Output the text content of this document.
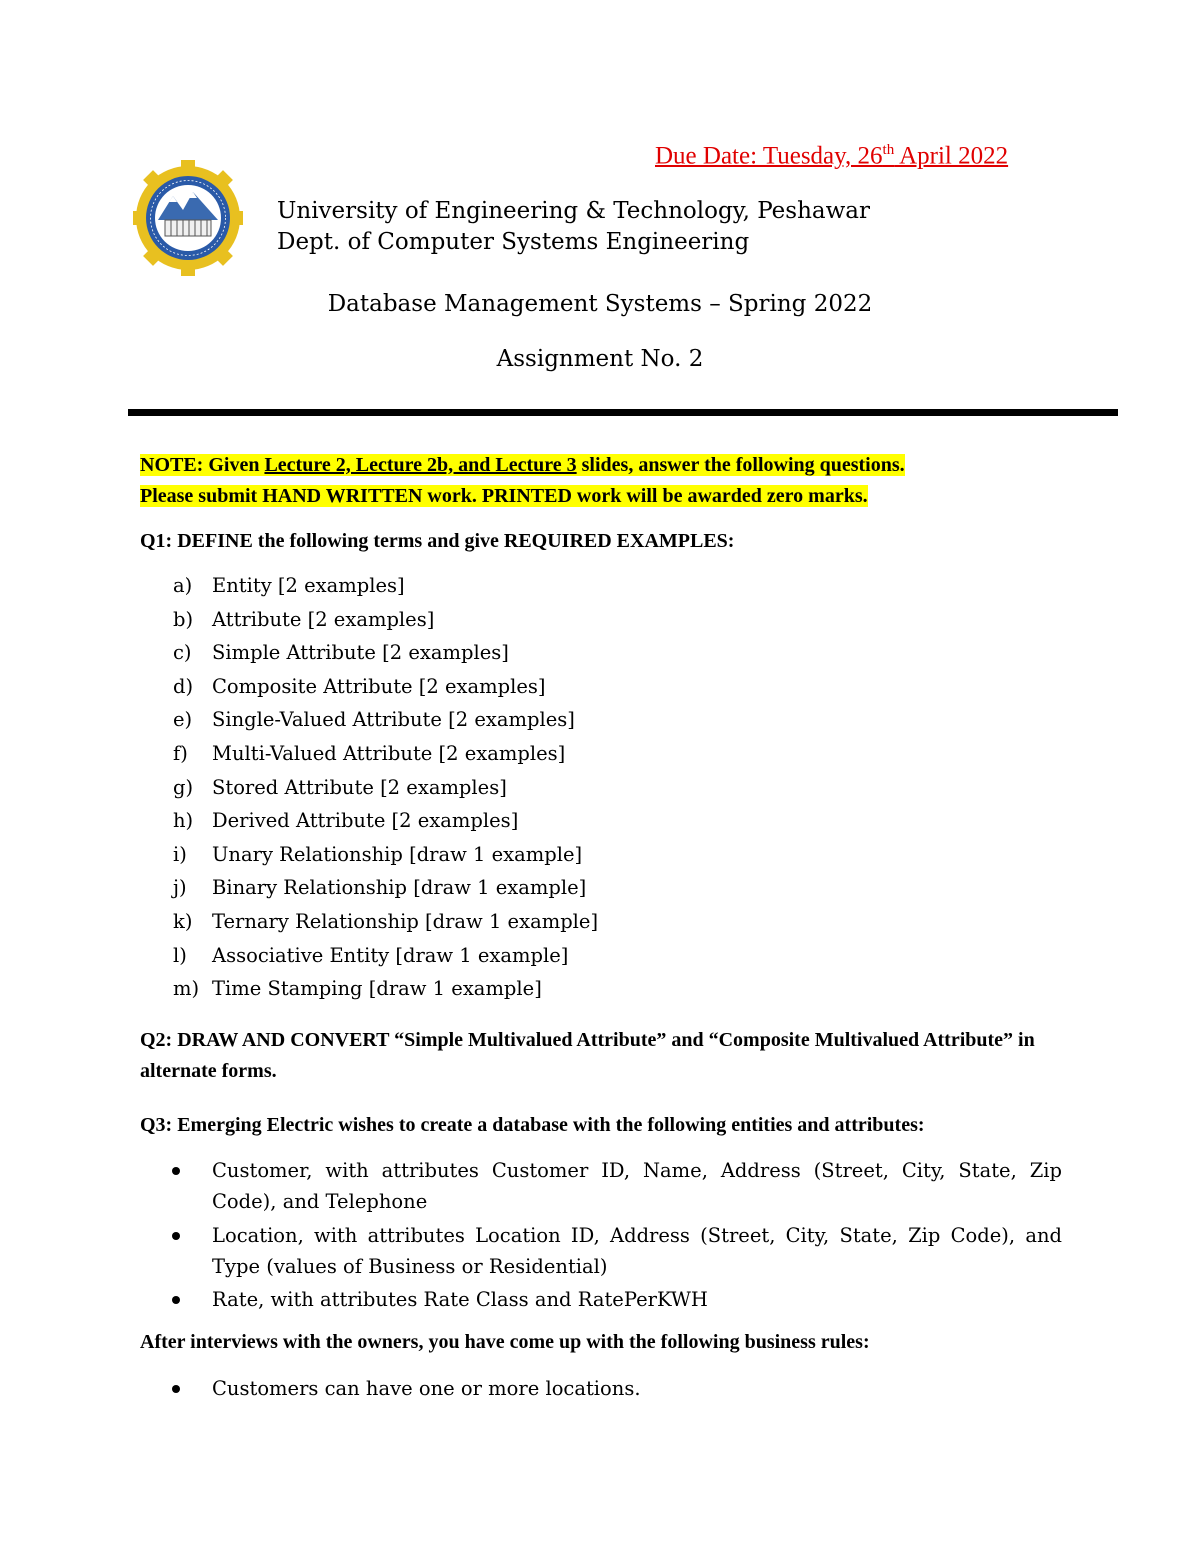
Due Date: Tuesday, 26th April 2022
University of Engineering & Technology, Peshawar
Dept. of Computer Systems Engineering
Database Management Systems – Spring 2022
Assignment No. 2
NOTE: Given Lecture 2, Lecture 2b, and Lecture 3 slides, answer the following questions.
Please submit HAND WRITTEN work. PRINTED work will be awarded zero marks.
Q1: DEFINE the following terms and give REQUIRED EXAMPLES:
a) Entity [2 examples]
b) Attribute [2 examples]
c) Simple Attribute [2 examples]
d) Composite Attribute [2 examples]
e) Single-Valued Attribute [2 examples]
f) Multi-Valued Attribute [2 examples]
g) Stored Attribute [2 examples]
h) Derived Attribute [2 examples]
i) Unary Relationship [draw 1 example]
j) Binary Relationship [draw 1 example]
k) Ternary Relationship [draw 1 example]
l) Associative Entity [draw 1 example]
m) Time Stamping [draw 1 example]
Q2: DRAW AND CONVERT “Simple Multivalued Attribute” and “Composite Multivalued Attribute” in alternate forms.
Q3: Emerging Electric wishes to create a database with the following entities and attributes:
Customer, with attributes Customer ID, Name, Address (Street, City, State, Zip Code), and Telephone
Location, with attributes Location ID, Address (Street, City, State, Zip Code), and Type (values of Business or Residential)
Rate, with attributes Rate Class and RatePerKWH
After interviews with the owners, you have come up with the following business rules:
Customers can have one or more locations.
